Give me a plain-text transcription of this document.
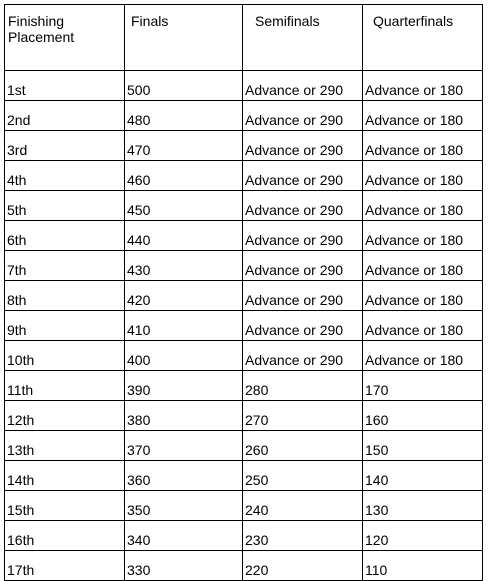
Finishing Placement	Finals	Semifinals	Quarterfinals
1st	500	Advance or 290	Advance or 180
2nd	480	Advance or 290	Advance or 180
3rd	470	Advance or 290	Advance or 180
4th	460	Advance or 290	Advance or 180
5th	450	Advance or 290	Advance or 180
6th	440	Advance or 290	Advance or 180
7th	430	Advance or 290	Advance or 180
8th	420	Advance or 290	Advance or 180
9th	410	Advance or 290	Advance or 180
10th	400	Advance or 290	Advance or 180
11th	390	280	170
12th	380	270	160
13th	370	260	150
14th	360	250	140
15th	350	240	130
16th	340	230	120
17th	330	220	110
